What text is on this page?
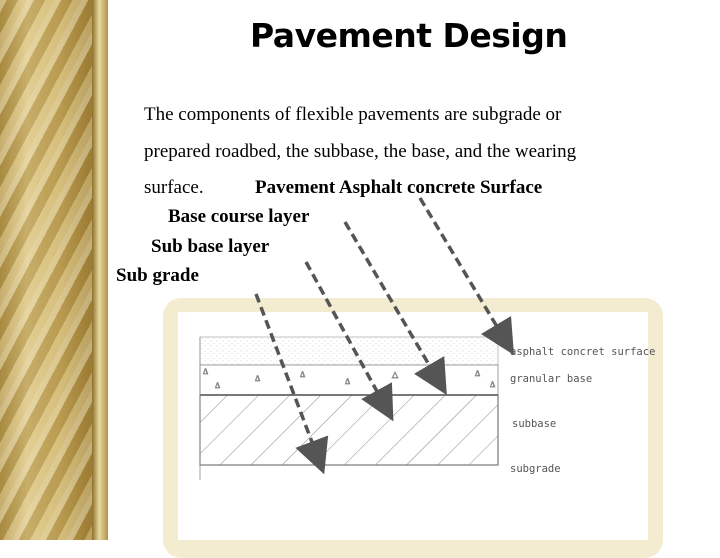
Pavement Design
The components of flexible pavements are subgrade or
prepared roadbed, the subbase, the base, and the wearing
surface.	Pavement Asphalt concrete Surface
Base course layer
Sub base layer
Sub grade
Δ
Δ
Δ
Δ
Δ
△
Δ
Δ
Δ
asphalt concret surface
granular base
subbase
subgrade
